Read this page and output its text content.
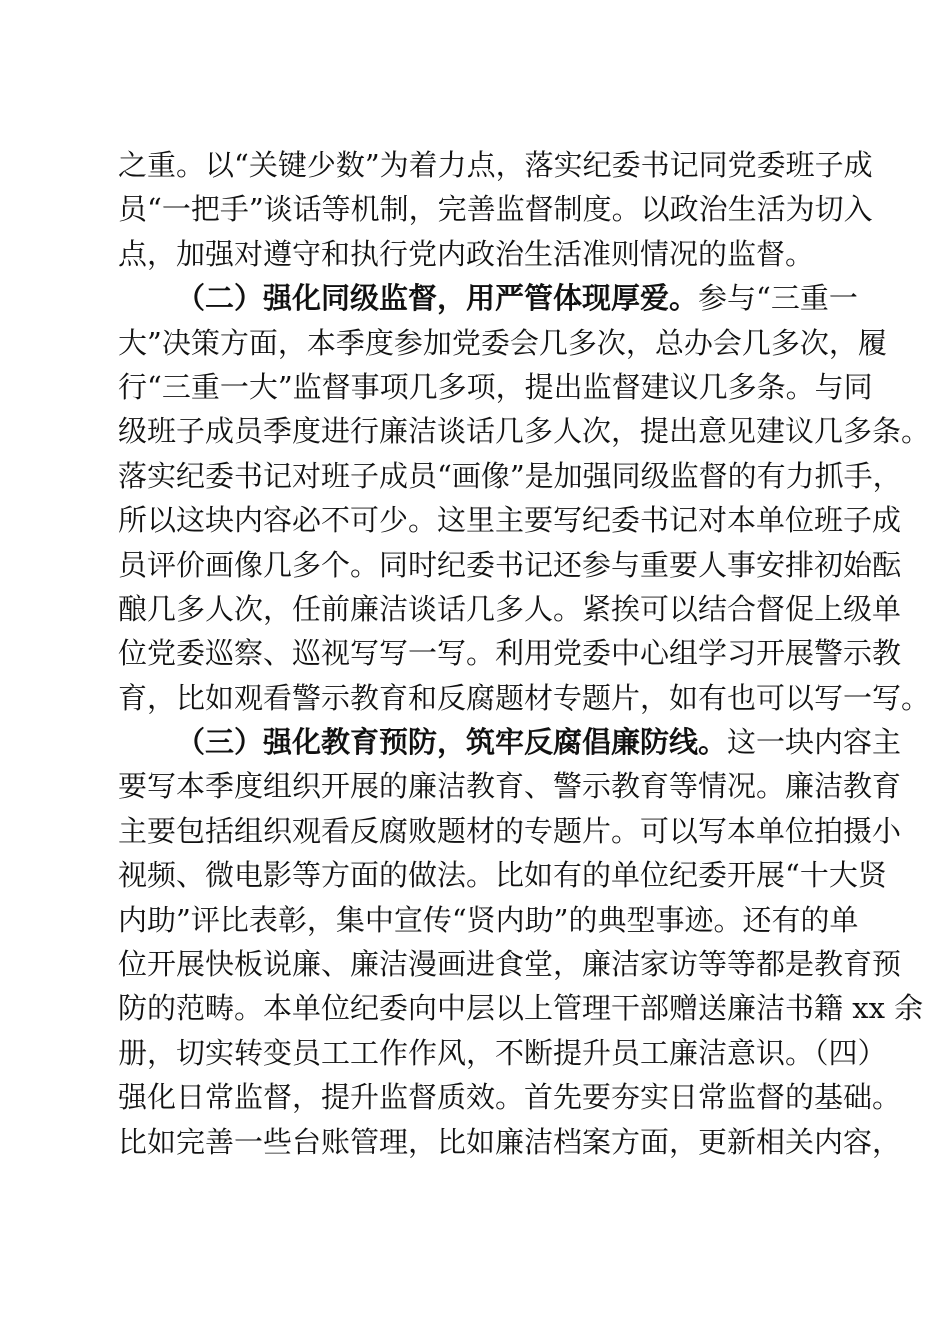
之重。以“关键少数”为着力点，落实纪委书记同党委班子成
员“一把手”谈话等机制，完善监督制度。以政治生活为切入
点，加强对遵守和执行党内政治生活准则情况的监督。
（二）强化同级监督，用严管体现厚爱。参与“三重一
大”决策方面，本季度参加党委会几多次，总办会几多次，履
行“三重一大”监督事项几多项，提出监督建议几多条。与同
级班子成员季度进行廉洁谈话几多人次，提出意见建议几多条。
落实纪委书记对班子成员“画像”是加强同级监督的有力抓手，
所以这块内容必不可少。这里主要写纪委书记对本单位班子成
员评价画像几多个。同时纪委书记还参与重要人事安排初始酝
酿几多人次，任前廉洁谈话几多人。紧挨可以结合督促上级单
位党委巡察、巡视写写一写。利用党委中心组学习开展警示教
育，比如观看警示教育和反腐题材专题片，如有也可以写一写。
（三）强化教育预防，筑牢反腐倡廉防线。这一块内容主
要写本季度组织开展的廉洁教育、警示教育等情况。廉洁教育
主要包括组织观看反腐败题材的专题片。可以写本单位拍摄小
视频、微电影等方面的做法。比如有的单位纪委开展“十大贤
内助”评比表彰，集中宣传“贤内助”的典型事迹。还有的单
位开展快板说廉、廉洁漫画进食堂，廉洁家访等等都是教育预
防的范畴。本单位纪委向中层以上管理干部赠送廉洁书籍 xx 余
册，切实转变员工工作作风，不断提升员工廉洁意识。（四）
强化日常监督，提升监督质效。首先要夯实日常监督的基础。
比如完善一些台账管理，比如廉洁档案方面，更新相关内容，
